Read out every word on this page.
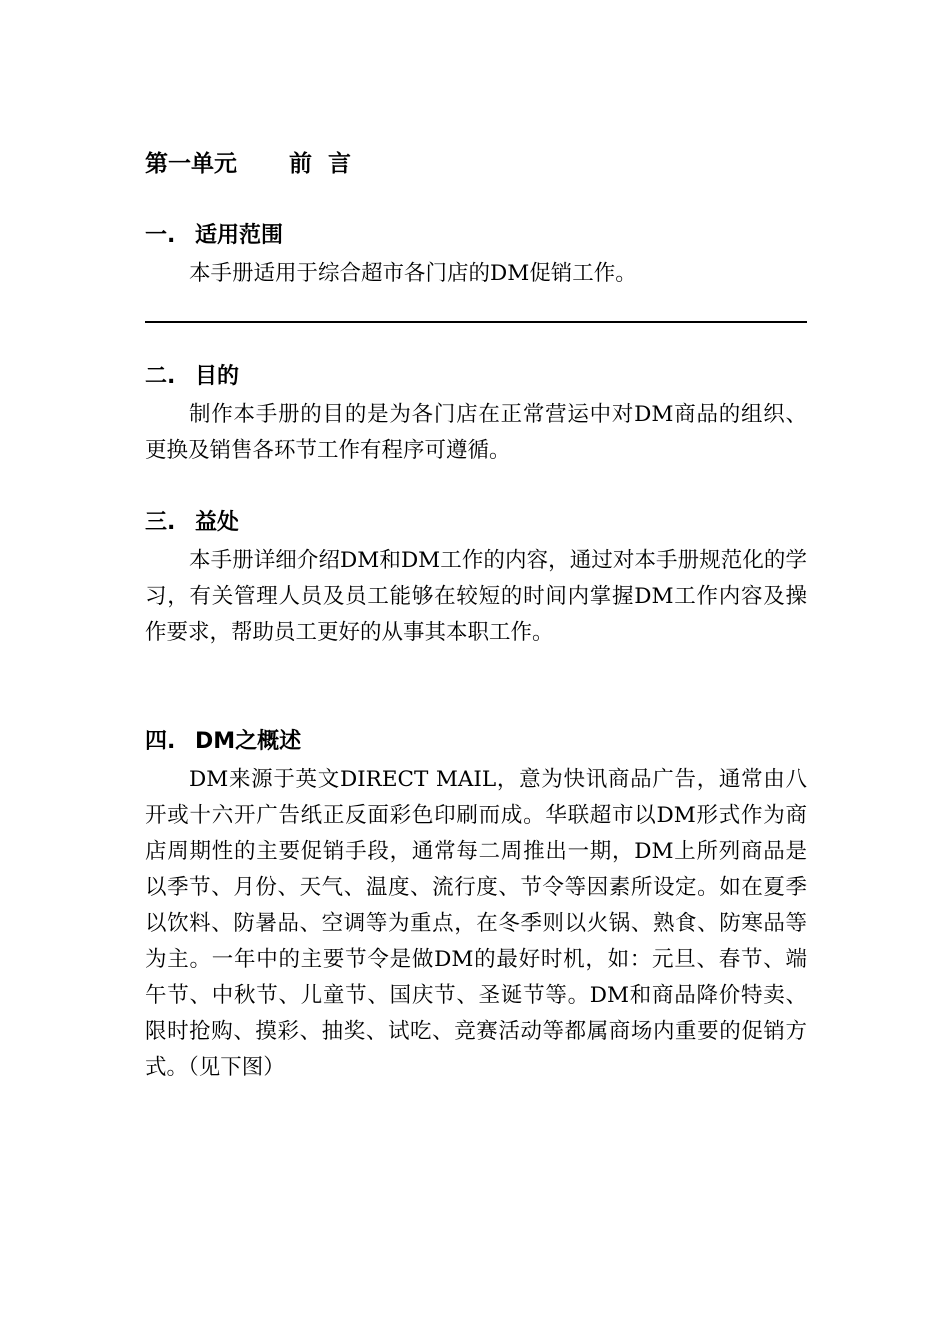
第一单元 前  言
一. 适用范围

本手册适用于综合超市各门店的DM促销工作。

二. 目的

制作本手册的目的是为各门店在正常营运中对DM商品的组织、更换及销售各环节工作有程序可遵循。

三. 益处

本手册详细介绍DM和DM工作的内容，通过对本手册规范化的学习，有关管理人员及员工能够在较短的时间内掌握DM工作内容及操作要求，帮助员工更好的从事其本职工作。

四. DM之概述

DM来源于英文DIRECT MAIL，意为快讯商品广告，通常由八开或十六开广告纸正反面彩色印刷而成。华联超市以DM形式作为商店周期性的主要促销手段，通常每二周推出一期，DM上所列商品是以季节、月份、天气、温度、流行度、节令等因素所设定。如在夏季以饮料、防暑品、空调等为重点，在冬季则以火锅、熟食、防寒品等为主。一年中的主要节令是做DM的最好时机，如：元旦、春节、端午节、中秋节、儿童节、国庆节、圣诞节等。DM和商品降价特卖、限时抢购、摸彩、抽奖、试吃、竞赛活动等都属商场内重要的促销方式。（见下图）
